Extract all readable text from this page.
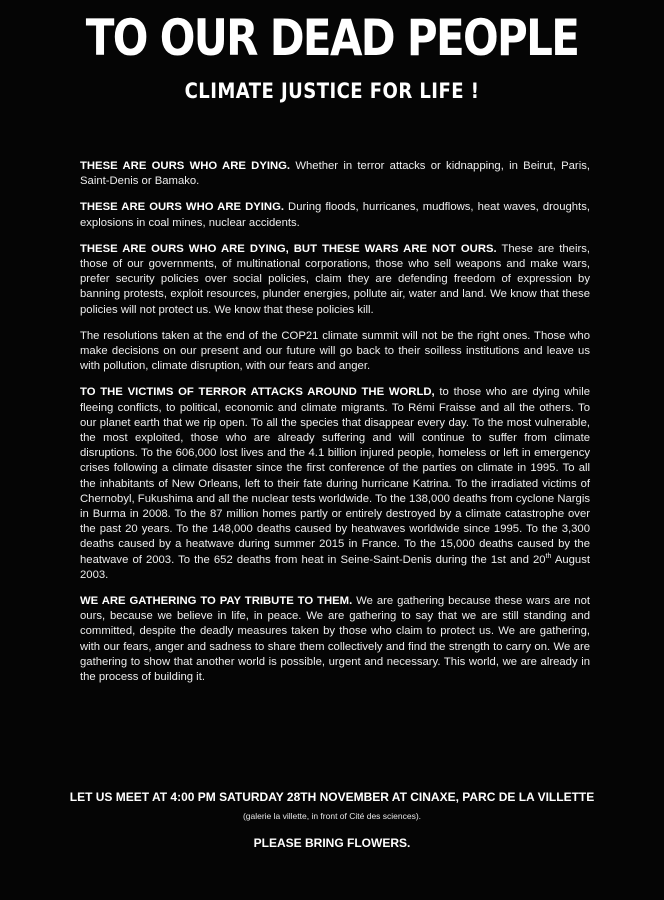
TO OUR DEAD PEOPLE
CLIMATE JUSTICE FOR LIFE !

THESE ARE OURS WHO ARE DYING. Whether in terror attacks or kidnapping, in Beirut, Paris, Saint-Denis or Bamako.

THESE ARE OURS WHO ARE DYING. During floods, hurricanes, mudflows, heat waves, droughts, explosions in coal mines, nuclear accidents.

THESE ARE OURS WHO ARE DYING, BUT THESE WARS ARE NOT OURS. These are theirs, those of our governments, of multinational corporations, those who sell weapons and make wars, prefer security policies over social policies, claim they are defending freedom of expression by banning protests, exploit resources, plunder energies, pollute air, water and land. We know that these policies will not protect us. We know that these policies kill.

The resolutions taken at the end of the COP21 climate summit will not be the right ones. Those who make decisions on our present and our future will go back to their soilless institutions and leave us with pollution, climate disruption, with our fears and anger.

TO THE VICTIMS OF TERROR ATTACKS AROUND THE WORLD, to those who are dying while fleeing conflicts, to political, economic and climate migrants. To Rémi Fraisse and all the others. To our planet earth that we rip open. To all the species that disappear every day. To the most vulnerable, the most exploited, those who are already suffering and will continue to suffer from climate disruptions. To the 606,000 lost lives and the 4.1 billion injured people, homeless or left in emergency crises following a climate disaster since the first conference of the parties on climate in 1995. To all the inhabitants of New Orleans, left to their fate during hurricane Katrina. To the irradiated victims of Chernobyl, Fukushima and all the nuclear tests worldwide. To the 138,000 deaths from cyclone Nargis in Burma in 2008. To the 87 million homes partly or entirely destroyed by a climate catastrophe over the past 20 years. To the 148,000 deaths caused by heatwaves worldwide since 1995. To the 3,300 deaths caused by a heatwave during summer 2015 in France. To the 15,000 deaths caused by the heatwave of 2003. To the 652 deaths from heat in Seine-Saint-Denis during the 1st and 20th August 2003.

WE ARE GATHERING TO PAY TRIBUTE TO THEM. We are gathering because these wars are not ours, because we believe in life, in peace. We are gathering to say that we are still standing and committed, despite the deadly measures taken by those who claim to protect us. We are gathering, with our fears, anger and sadness to share them collectively and find the strength to carry on. We are gathering to show that another world is possible, urgent and necessary. This world, we are already in the process of building it.

LET US MEET AT 4:00 PM SATURDAY 28TH NOVEMBER AT CINAXE, PARC DE LA VILLETTE
(galerie la villette, in front of Cité des sciences).
PLEASE BRING FLOWERS.
